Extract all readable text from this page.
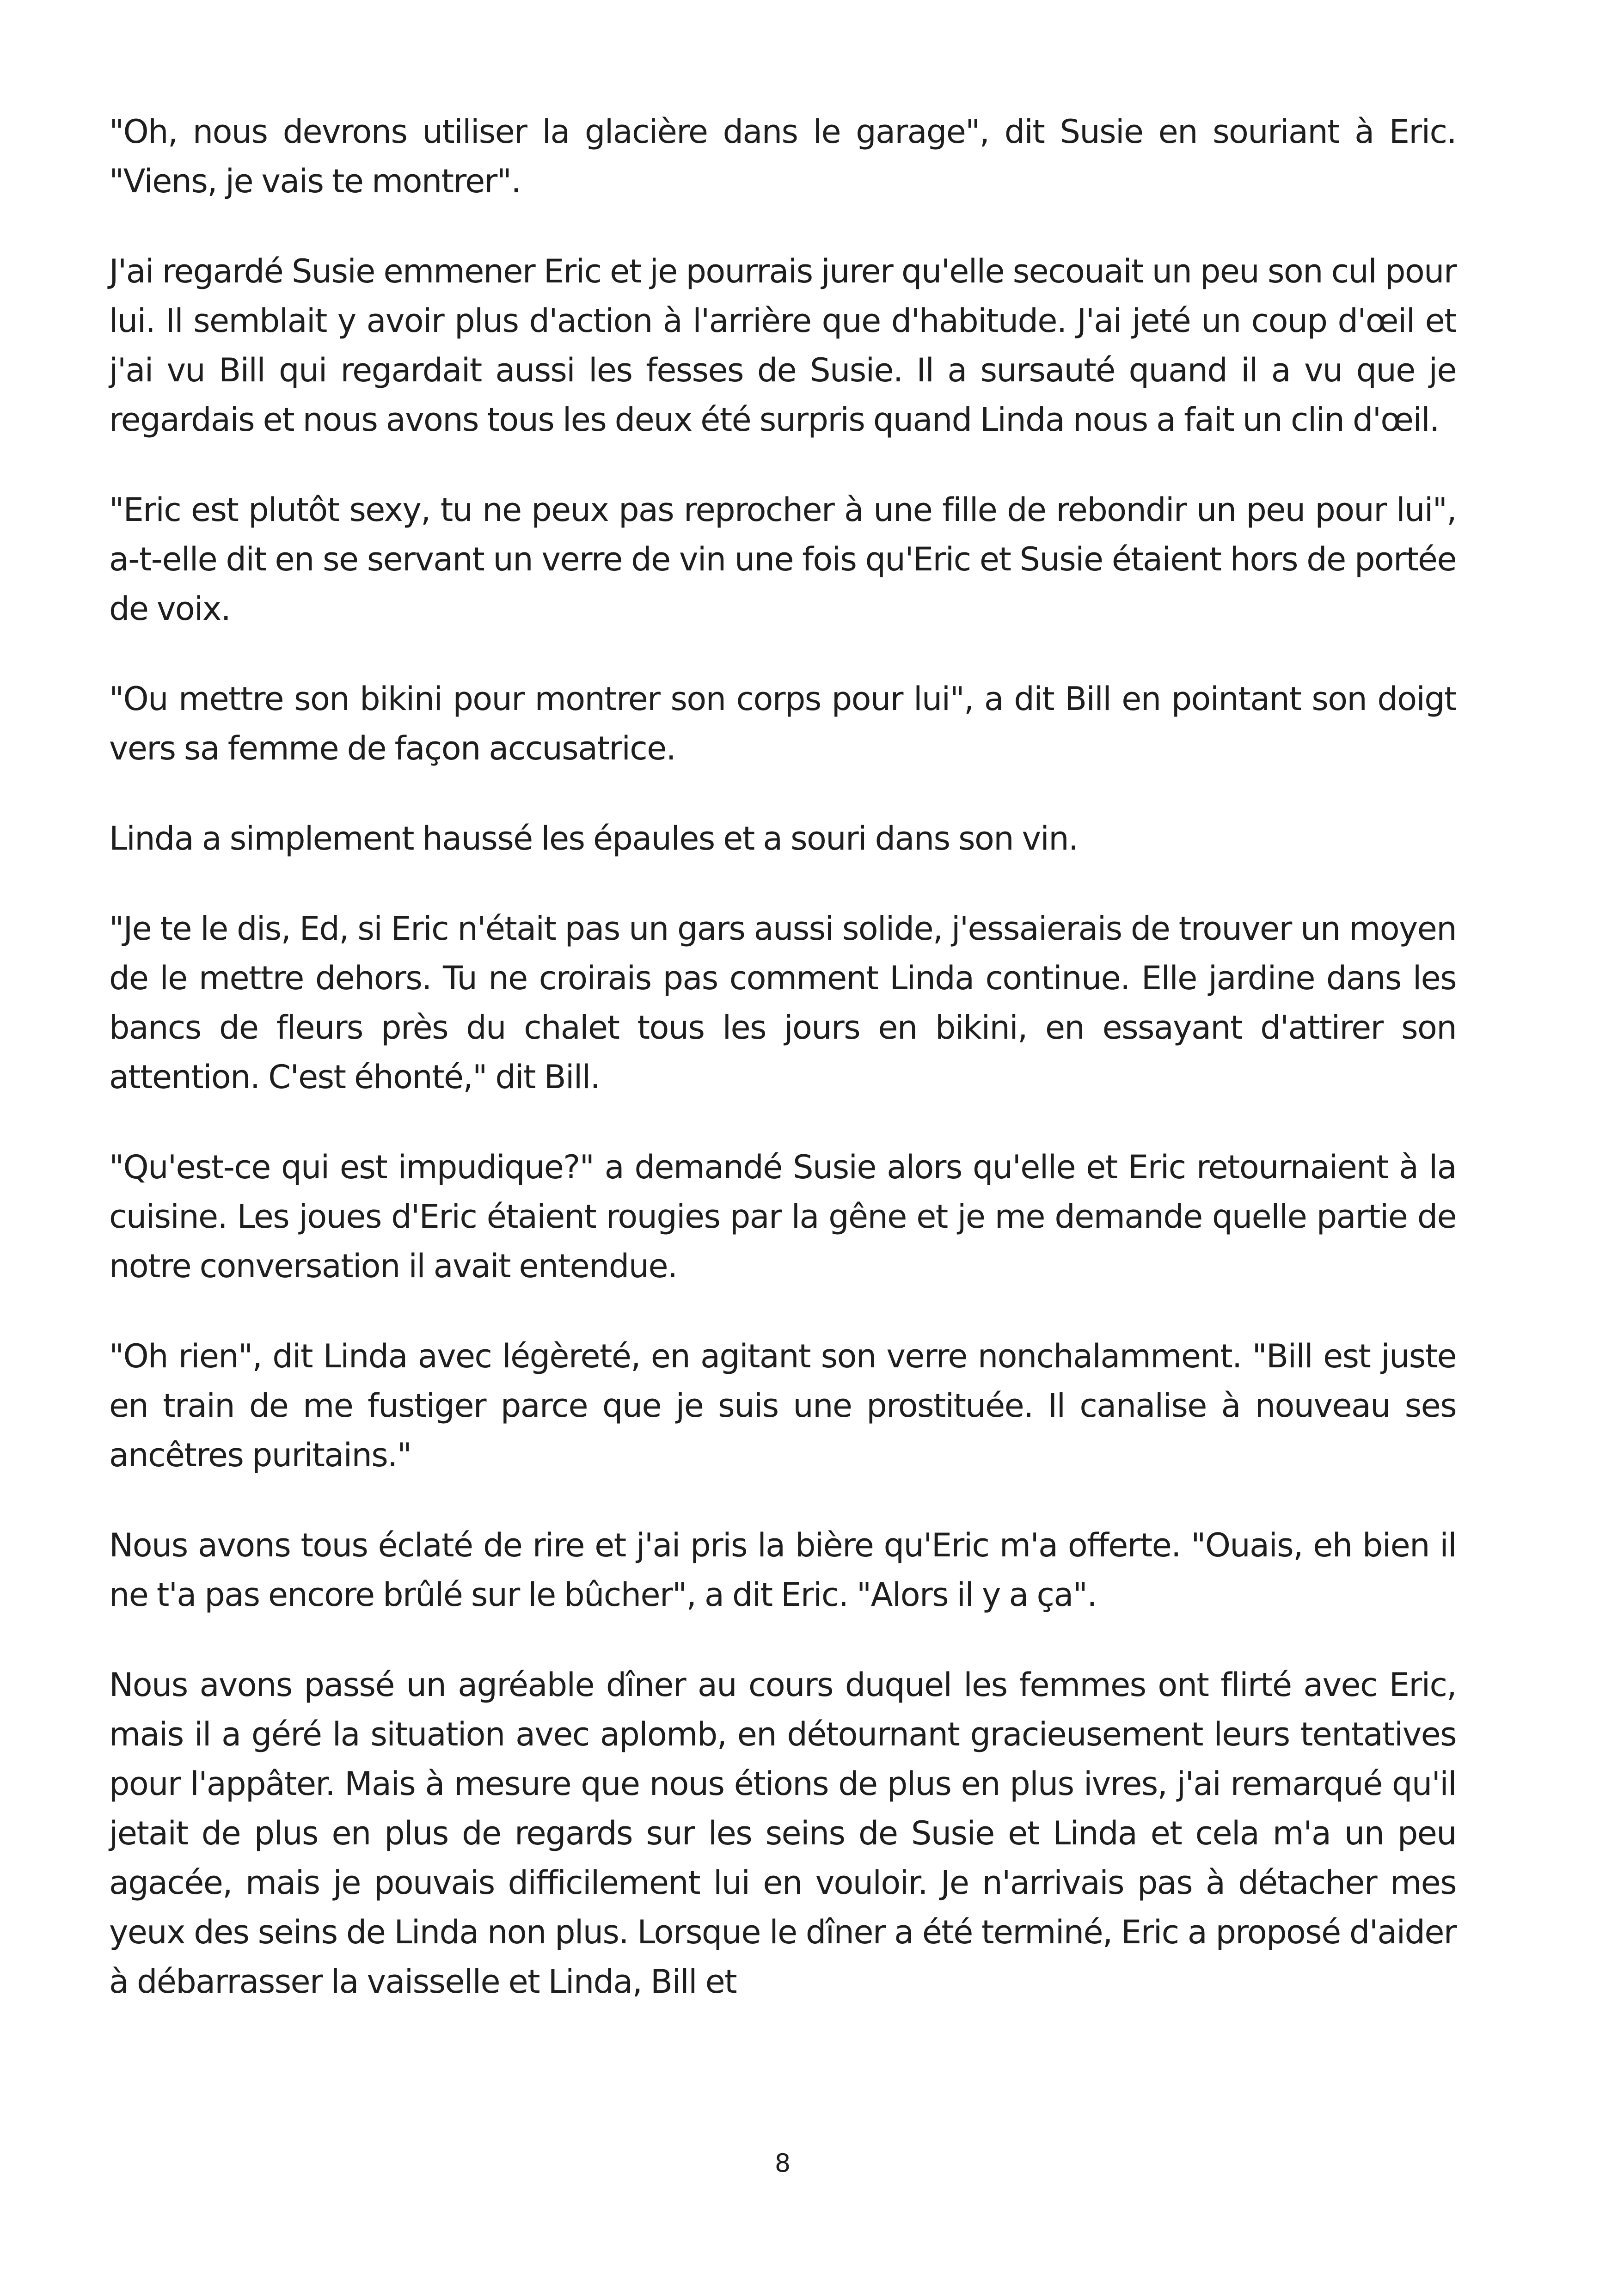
"Oh, nous devrons utiliser la glacière dans le garage", dit Susie en souriant à Eric. "Viens, je vais te montrer".

J'ai regardé Susie emmener Eric et je pourrais jurer qu'elle secouait un peu son cul pour lui. Il semblait y avoir plus d'action à l'arrière que d'habitude. J'ai jeté un coup d'œil et j'ai vu Bill qui regardait aussi les fesses de Susie. Il a sursauté quand il a vu que je regardais et nous avons tous les deux été surpris quand Linda nous a fait un clin d'œil.

"Eric est plutôt sexy, tu ne peux pas reprocher à une fille de rebondir un peu pour lui", a-t-elle dit en se servant un verre de vin une fois qu'Eric et Susie étaient hors de portée de voix.

"Ou mettre son bikini pour montrer son corps pour lui", a dit Bill en pointant son doigt vers sa femme de façon accusatrice.

Linda a simplement haussé les épaules et a souri dans son vin.

"Je te le dis, Ed, si Eric n'était pas un gars aussi solide, j'essaierais de trouver un moyen de le mettre dehors. Tu ne croirais pas comment Linda continue. Elle jardine dans les bancs de fleurs près du chalet tous les jours en bikini, en essayant d'attirer son attention. C'est éhonté," dit Bill.

"Qu'est-ce qui est impudique?" a demandé Susie alors qu'elle et Eric retournaient à la cuisine. Les joues d'Eric étaient rougies par la gêne et je me demande quelle partie de notre conversation il avait entendue.

"Oh rien", dit Linda avec légèreté, en agitant son verre nonchalamment. "Bill est juste en train de me fustiger parce que je suis une prostituée. Il canalise à nouveau ses ancêtres puritains."

Nous avons tous éclaté de rire et j'ai pris la bière qu'Eric m'a offerte. "Ouais, eh bien il ne t'a pas encore brûlé sur le bûcher", a dit Eric. "Alors il y a ça".

Nous avons passé un agréable dîner au cours duquel les femmes ont flirté avec Eric, mais il a géré la situation avec aplomb, en détournant gracieusement leurs tentatives pour l'appâter. Mais à mesure que nous étions de plus en plus ivres, j'ai remarqué qu'il jetait de plus en plus de regards sur les seins de Susie et Linda et cela m'a un peu agacée, mais je pouvais difficilement lui en vouloir. Je n'arrivais pas à détacher mes yeux des seins de Linda non plus. Lorsque le dîner a été terminé, Eric a proposé d'aider à débarrasser la vaisselle et Linda, Bill et

8
